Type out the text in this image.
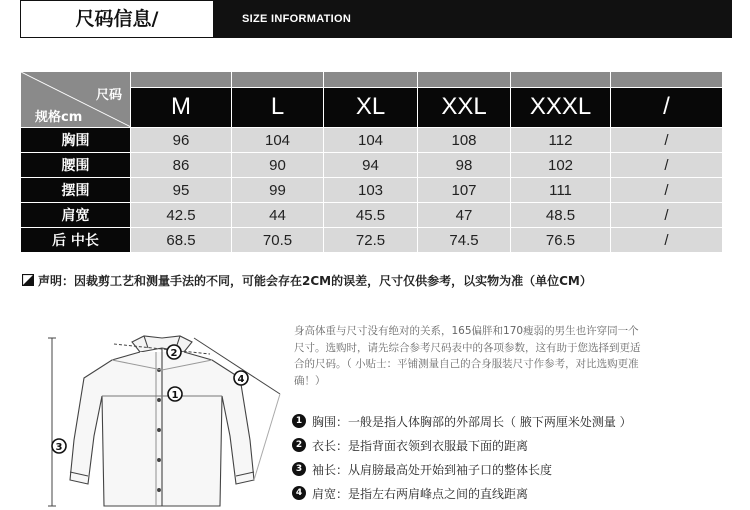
尺码信息/	SIZE INFORMATION
尺码
规格cm						

	M	L	XL	XXL	XXXL	/
胸围	96	104	104	108	112	/
腰围	86	90	94	98	102	/
摆围	95	99	103	107	111	/
肩宽	42.5	44	45.5	47	48.5	/
后 中长	68.5	70.5	72.5	74.5	76.5	/
声明：因裁剪工艺和测量手法的不同，可能会存在2CM的误差，尺寸仅供参考，以实物为准（单位CM）
1
2
3
4
身高体重与尺寸没有绝对的关系，165偏胖和170瘦弱的男生也许穿同一个
尺寸。选购时，请先综合参考尺码表中的各项参数，这有助于您选择到更适
合的尺码。（ 小贴士：平铺测量自己的合身服装尺寸作参考，对比选购更准
确！）
1 胸围：一般是指人体胸部的外部周长（ 腋下两厘米处测量 ）
2 衣长：是指背面衣领到衣服最下面的距离
3 袖长：从肩膀最高处开始到袖子口的整体长度
4 肩宽：是指左右两肩峰点之间的直线距离
